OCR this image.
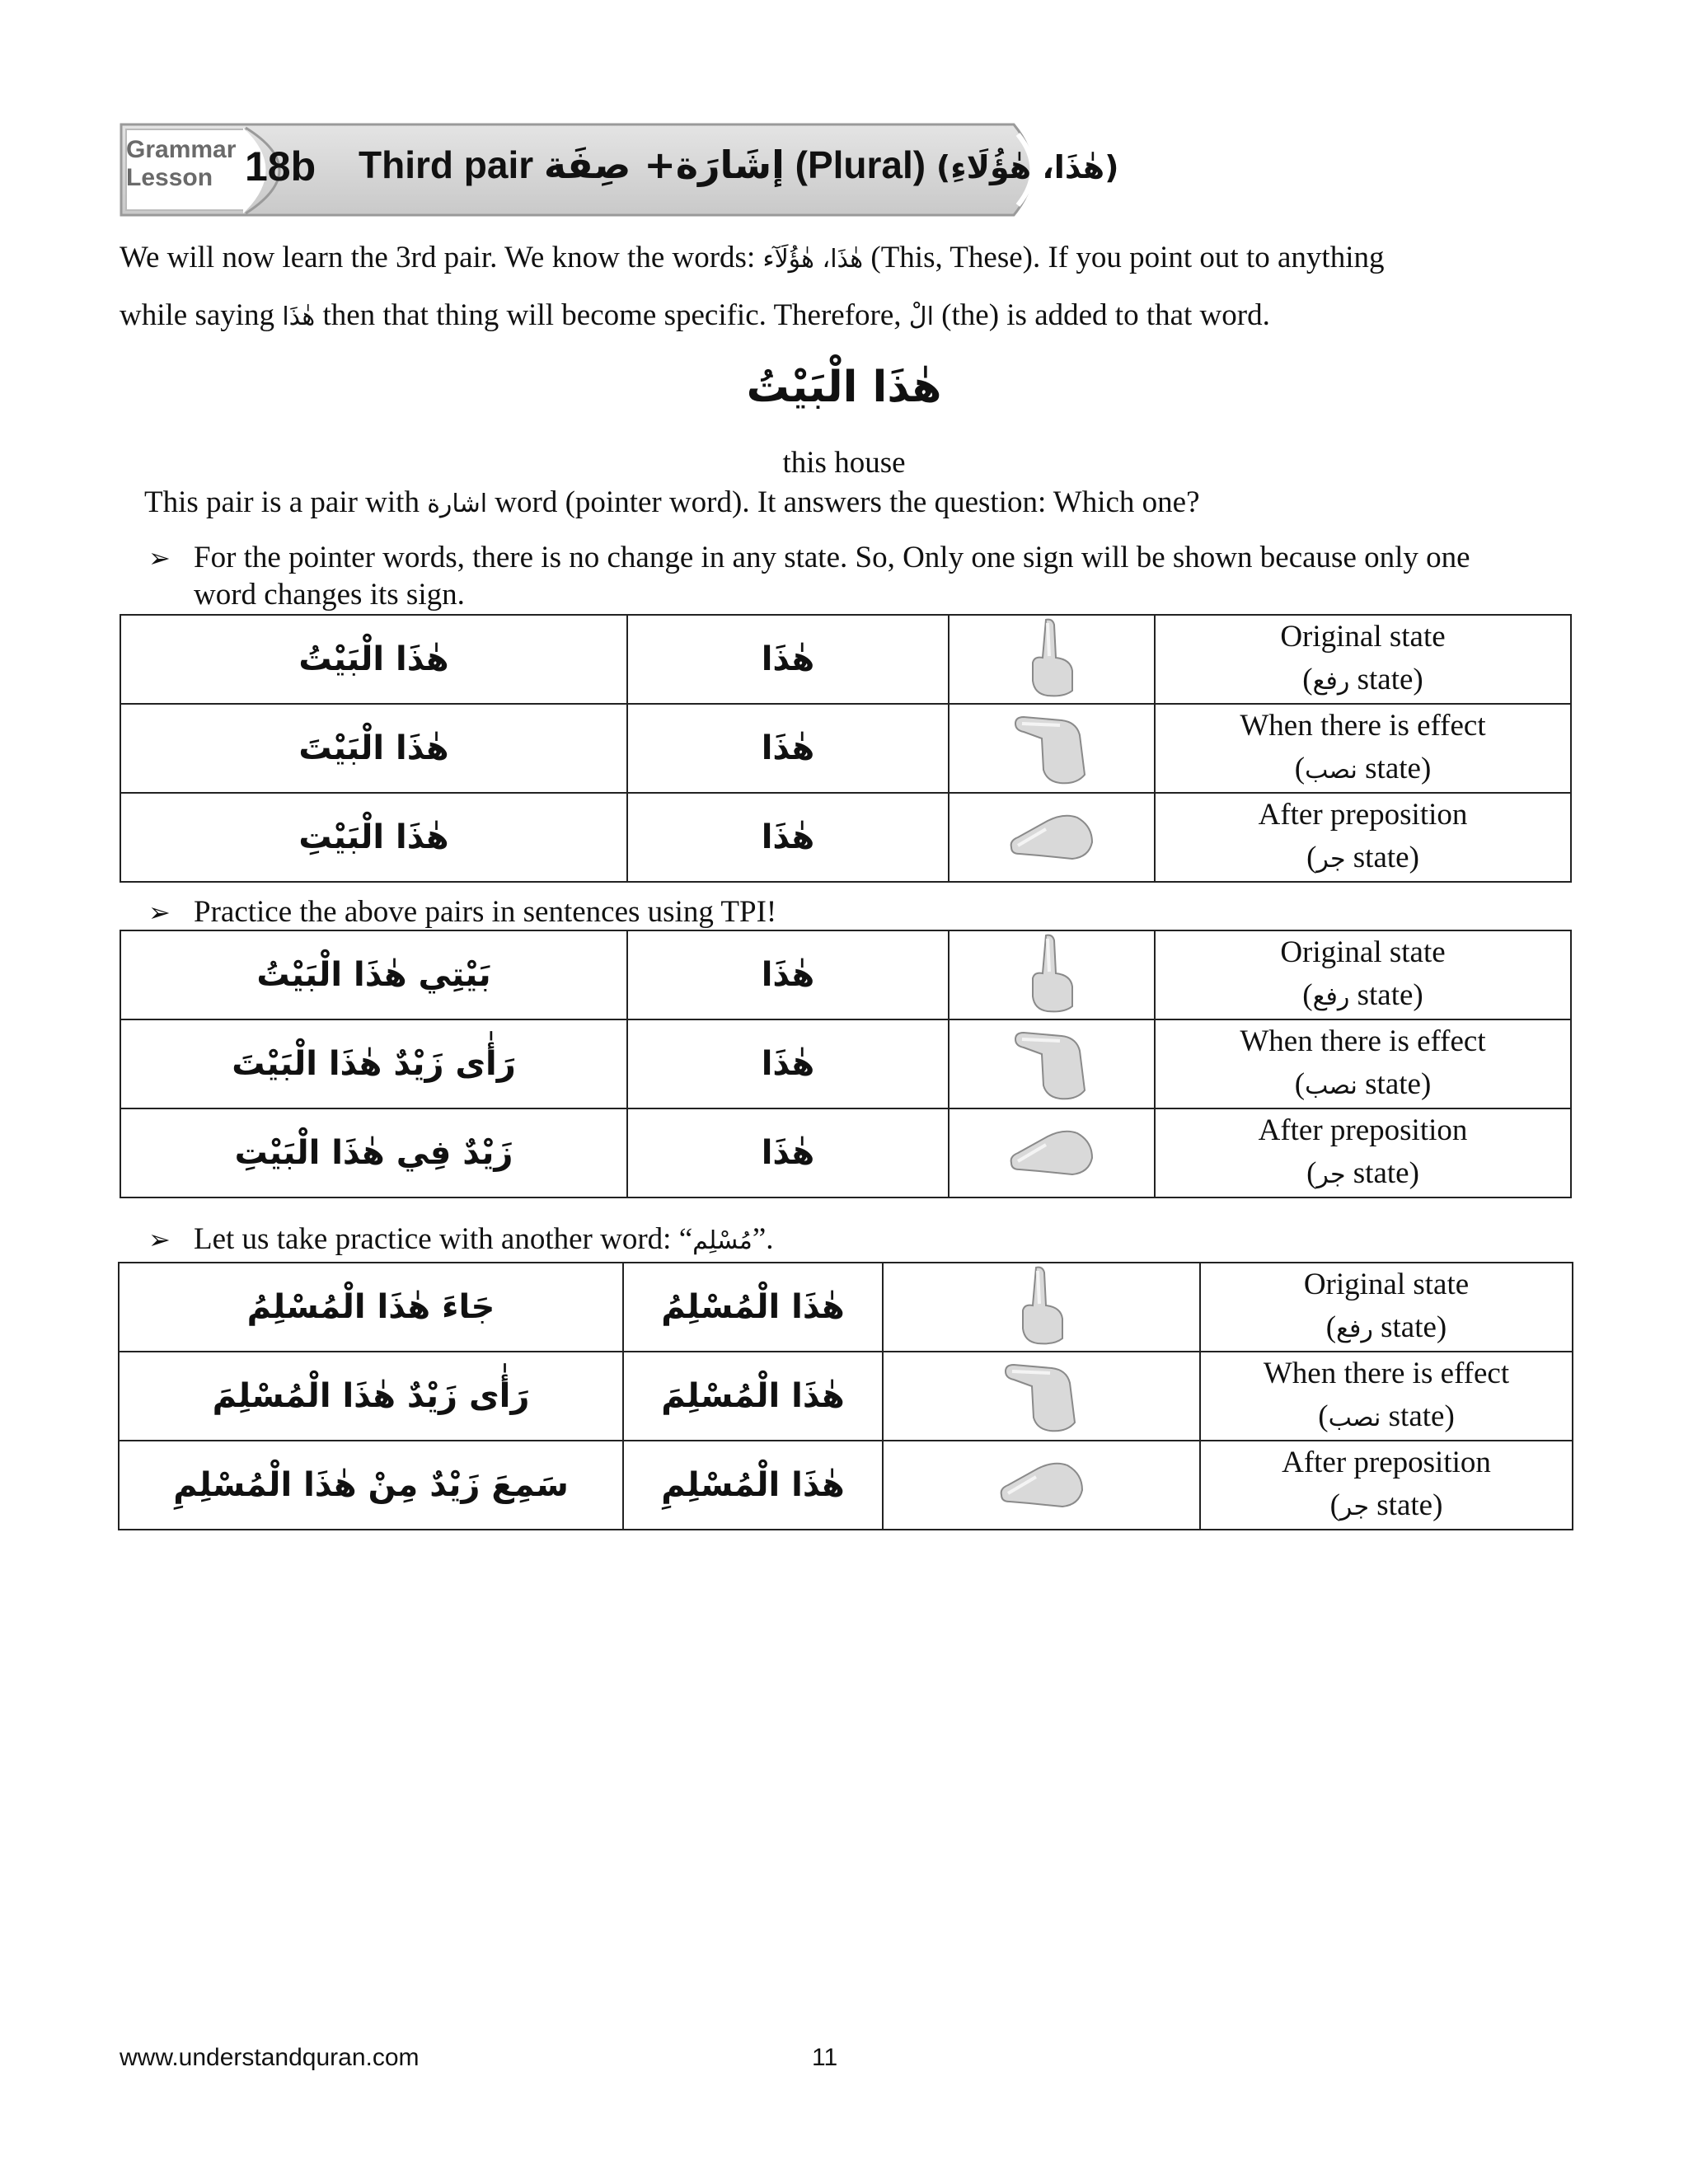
Grammar
Lesson 18b Third pair إشَارَة+ صِفَة (Plural) (هٰذَا، هٰؤُلَاءِ)
We will now learn the 3rd pair. We know the words: هٰذَا، هٰؤُلَآء (This, These). If you point out to anything
while saying هٰذَا then that thing will become specific. Therefore, الْ (the) is added to that word.
هٰذَا الْبَيْتُ
this house
This pair is a pair with اشارة word (pointer word). It answers the question: Which one?
➢ For the pointer words, there is no change in any state. So, Only one sign will be shown because only one
word changes its sign.
هٰذَا الْبَيْتُ	هٰذَا		Original state
(رفع state)

هٰذَا الْبَيْتَ	هٰذَا		When there is effect
(نصب state)

هٰذَا الْبَيْتِ	هٰذَا		After preposition
(جر state)
➢ Practice the above pairs in sentences using TPI!
بَيْتِي هٰذَا الْبَيْتُ	هٰذَا		Original state
(رفع state)

رَأٰى زَيْدٌ هٰذَا الْبَيْتَ	هٰذَا		When there is effect
(نصب state)

زَيْدٌ فِي هٰذَا الْبَيْتِ	هٰذَا		After preposition
(جر state)
➢ Let us take practice with another word: “مُسْلِم”.
جَاءَ هٰذَا الْمُسْلِمُ	هٰذَا الْمُسْلِمُ		Original state
(رفع state)

رَأٰى زَيْدٌ هٰذَا الْمُسْلِمَ	هٰذَا الْمُسْلِمَ		When there is effect
(نصب state)

سَمِعَ زَيْدٌ مِنْ هٰذَا الْمُسْلِمِ	هٰذَا الْمُسْلِمِ		After preposition
(جر state)
www.understandquran.com	11
